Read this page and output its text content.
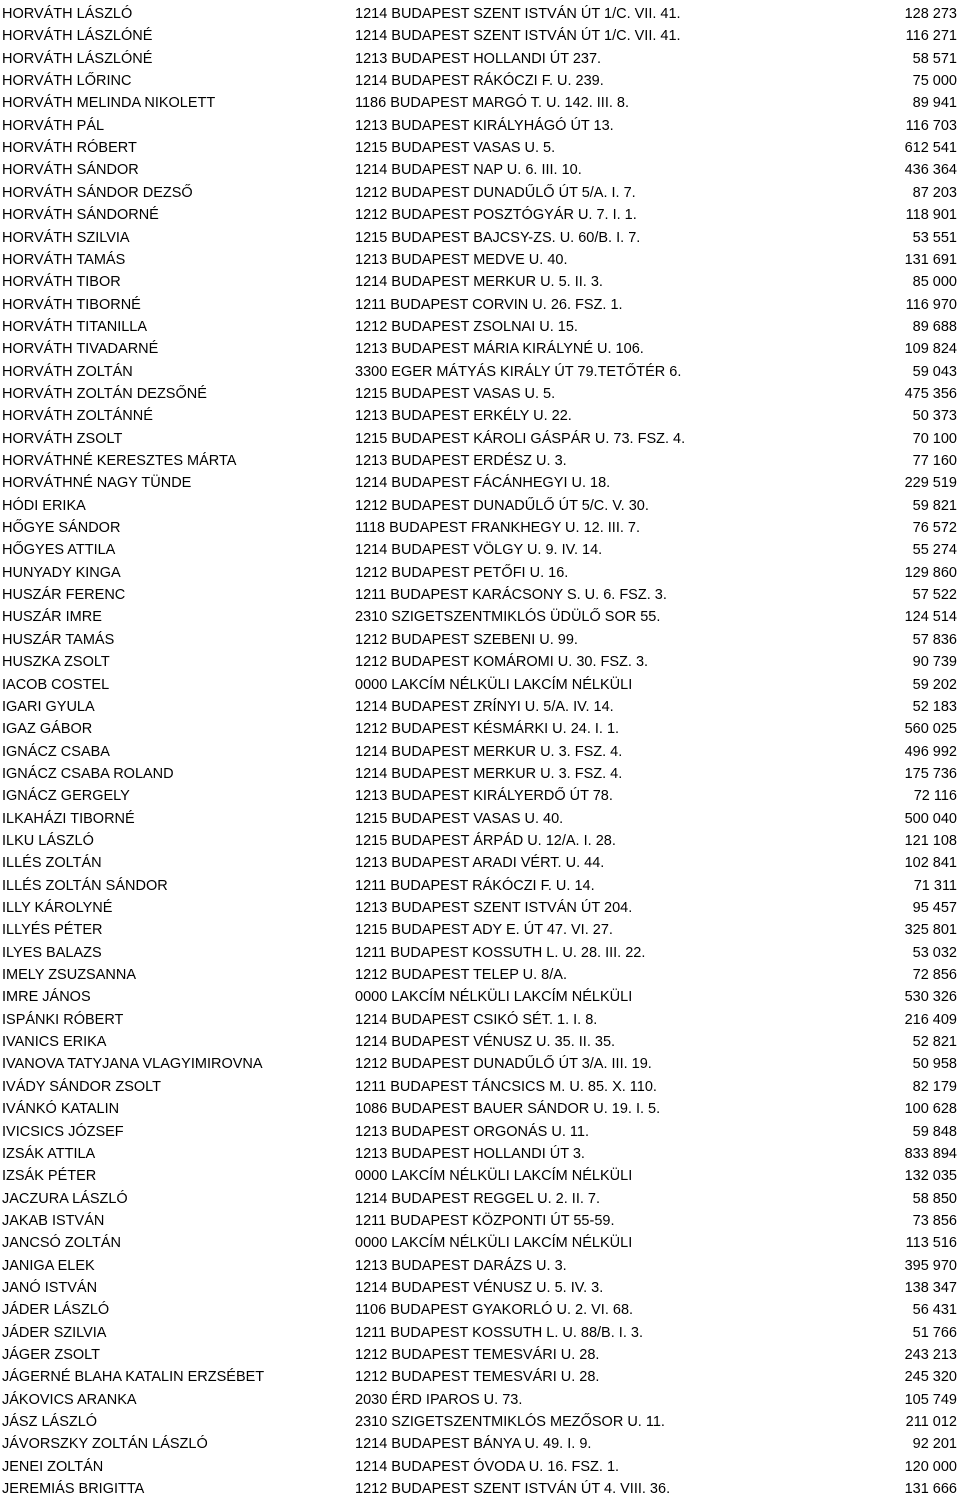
HORVÁTH LÁSZLÓ	1214 BUDAPEST SZENT ISTVÁN ÚT 1/C. VII. 41.	128 273
HORVÁTH LÁSZLÓNÉ	1214 BUDAPEST SZENT ISTVÁN ÚT 1/C. VII. 41.	116 271
HORVÁTH LÁSZLÓNÉ	1213 BUDAPEST HOLLANDI ÚT 237.	58 571
HORVÁTH LŐRINC	1214 BUDAPEST RÁKÓCZI F. U. 239.	75 000
HORVÁTH MELINDA NIKOLETT	1186 BUDAPEST MARGÓ T. U. 142. III. 8.	89 941
HORVÁTH PÁL	1213 BUDAPEST KIRÁLYHÁGÓ ÚT 13.	116 703
HORVÁTH RÓBERT	1215 BUDAPEST VASAS U. 5.	612 541
HORVÁTH SÁNDOR	1214 BUDAPEST NAP U. 6. III. 10.	436 364
HORVÁTH SÁNDOR DEZSŐ	1212 BUDAPEST DUNADŰLŐ ÚT 5/A. I. 7.	87 203
HORVÁTH SÁNDORNÉ	1212 BUDAPEST POSZTÓGYÁR U. 7. I. 1.	118 901
HORVÁTH SZILVIA	1215 BUDAPEST BAJCSY-ZS. U. 60/B. I. 7.	53 551
HORVÁTH TAMÁS	1213 BUDAPEST MEDVE U. 40.	131 691
HORVÁTH TIBOR	1214 BUDAPEST MERKUR U. 5. II. 3.	85 000
HORVÁTH TIBORNÉ	1211 BUDAPEST CORVIN U. 26. FSZ. 1.	116 970
HORVÁTH TITANILLA	1212 BUDAPEST ZSOLNAI U. 15.	89 688
HORVÁTH TIVADARNÉ	1213 BUDAPEST MÁRIA KIRÁLYNÉ U. 106.	109 824
HORVÁTH ZOLTÁN	3300 EGER MÁTYÁS KIRÁLY ÚT 79.TETŐTÉR 6.	59 043
HORVÁTH ZOLTÁN DEZSŐNÉ	1215 BUDAPEST VASAS U. 5.	475 356
HORVÁTH ZOLTÁNNÉ	1213 BUDAPEST ERKÉLY U. 22.	50 373
HORVÁTH ZSOLT	1215 BUDAPEST KÁROLI GÁSPÁR U. 73. FSZ. 4.	70 100
HORVÁTHNÉ KERESZTES MÁRTA	1213 BUDAPEST ERDÉSZ U. 3.	77 160
HORVÁTHNÉ NAGY TÜNDE	1214 BUDAPEST FÁCÁNHEGYI U. 18.	229 519
HÓDI ERIKA	1212 BUDAPEST DUNADŰLŐ ÚT 5/C. V. 30.	59 821
HŐGYE SÁNDOR	1118 BUDAPEST FRANKHEGY U. 12. III. 7.	76 572
HŐGYES ATTILA	1214 BUDAPEST VÖLGY U. 9. IV. 14.	55 274
HUNYADY KINGA	1212 BUDAPEST PETŐFI U. 16.	129 860
HUSZÁR FERENC	1211 BUDAPEST KARÁCSONY S. U. 6. FSZ. 3.	57 522
HUSZÁR IMRE	2310 SZIGETSZENTMIKLÓS ÜDÜLŐ SOR 55.	124 514
HUSZÁR TAMÁS	1212 BUDAPEST SZEBENI U. 99.	57 836
HUSZKA ZSOLT	1212 BUDAPEST KOMÁROMI U. 30. FSZ. 3.	90 739
IACOB COSTEL	0000 LAKCÍM NÉLKÜLI LAKCÍM NÉLKÜLI	59 202
IGARI GYULA	1214 BUDAPEST ZRÍNYI U. 5/A. IV. 14.	52 183
IGAZ GÁBOR	1212 BUDAPEST KÉSMÁRKI U. 24. I. 1.	560 025
IGNÁCZ CSABA	1214 BUDAPEST MERKUR U. 3. FSZ. 4.	496 992
IGNÁCZ CSABA ROLAND	1214 BUDAPEST MERKUR U. 3. FSZ. 4.	175 736
IGNÁCZ GERGELY	1213 BUDAPEST KIRÁLYERDŐ ÚT 78.	72 116
ILKAHÁZI TIBORNÉ	1215 BUDAPEST VASAS U. 40.	500 040
ILKU LÁSZLÓ	1215 BUDAPEST ÁRPÁD U. 12/A. I. 28.	121 108
ILLÉS ZOLTÁN	1213 BUDAPEST ARADI VÉRT. U. 44.	102 841
ILLÉS ZOLTÁN SÁNDOR	1211 BUDAPEST RÁKÓCZI F. U. 14.	71 311
ILLY KÁROLYNÉ	1213 BUDAPEST SZENT ISTVÁN ÚT 204.	95 457
ILLYÉS PÉTER	1215 BUDAPEST ADY E. ÚT 47. VI. 27.	325 801
ILYES BALAZS	1211 BUDAPEST KOSSUTH L. U. 28. III. 22.	53 032
IMELY ZSUZSANNA	1212 BUDAPEST TELEP U. 8/A.	72 856
IMRE JÁNOS	0000 LAKCÍM NÉLKÜLI LAKCÍM NÉLKÜLI	530 326
ISPÁNKI RÓBERT	1214 BUDAPEST CSIKÓ SÉT. 1. I. 8.	216 409
IVANICS ERIKA	1214 BUDAPEST VÉNUSZ U. 35. II. 35.	52 821
IVANOVA TATYJANA VLAGYIMIROVNA	1212 BUDAPEST DUNADŰLŐ ÚT 3/A. III. 19.	50 958
IVÁDY SÁNDOR ZSOLT	1211 BUDAPEST TÁNCSICS M. U. 85. X. 110.	82 179
IVÁNKÓ KATALIN	1086 BUDAPEST BAUER SÁNDOR U. 19. I. 5.	100 628
IVICSICS JÓZSEF	1213 BUDAPEST ORGONÁS U. 11.	59 848
IZSÁK ATTILA	1213 BUDAPEST HOLLANDI ÚT 3.	833 894
IZSÁK PÉTER	0000 LAKCÍM NÉLKÜLI LAKCÍM NÉLKÜLI	132 035
JACZURA LÁSZLÓ	1214 BUDAPEST REGGEL U. 2. II. 7.	58 850
JAKAB ISTVÁN	1211 BUDAPEST KÖZPONTI ÚT 55-59.	73 856
JANCSÓ ZOLTÁN	0000 LAKCÍM NÉLKÜLI LAKCÍM NÉLKÜLI	113 516
JANIGA ELEK	1213 BUDAPEST DARÁZS U. 3.	395 970
JANÓ ISTVÁN	1214 BUDAPEST VÉNUSZ U. 5. IV. 3.	138 347
JÁDER LÁSZLÓ	1106 BUDAPEST GYAKORLÓ U. 2. VI. 68.	56 431
JÁDER SZILVIA	1211 BUDAPEST KOSSUTH L. U. 88/B. I. 3.	51 766
JÁGER ZSOLT	1212 BUDAPEST TEMESVÁRI U. 28.	243 213
JÁGERNÉ BLAHA KATALIN ERZSÉBET	1212 BUDAPEST TEMESVÁRI U. 28.	245 320
JÁKOVICS ARANKA	2030 ÉRD IPAROS U. 73.	105 749
JÁSZ LÁSZLÓ	2310 SZIGETSZENTMIKLÓS MEZŐSOR U. 11.	211 012
JÁVORSZKY ZOLTÁN LÁSZLÓ	1214 BUDAPEST BÁNYA U. 49. I. 9.	92 201
JENEI ZOLTÁN	1214 BUDAPEST ÓVODA U. 16. FSZ. 1.	120 000
JEREMIÁS BRIGITTA	1212 BUDAPEST SZENT ISTVÁN ÚT 4. VIII. 36.	131 666
